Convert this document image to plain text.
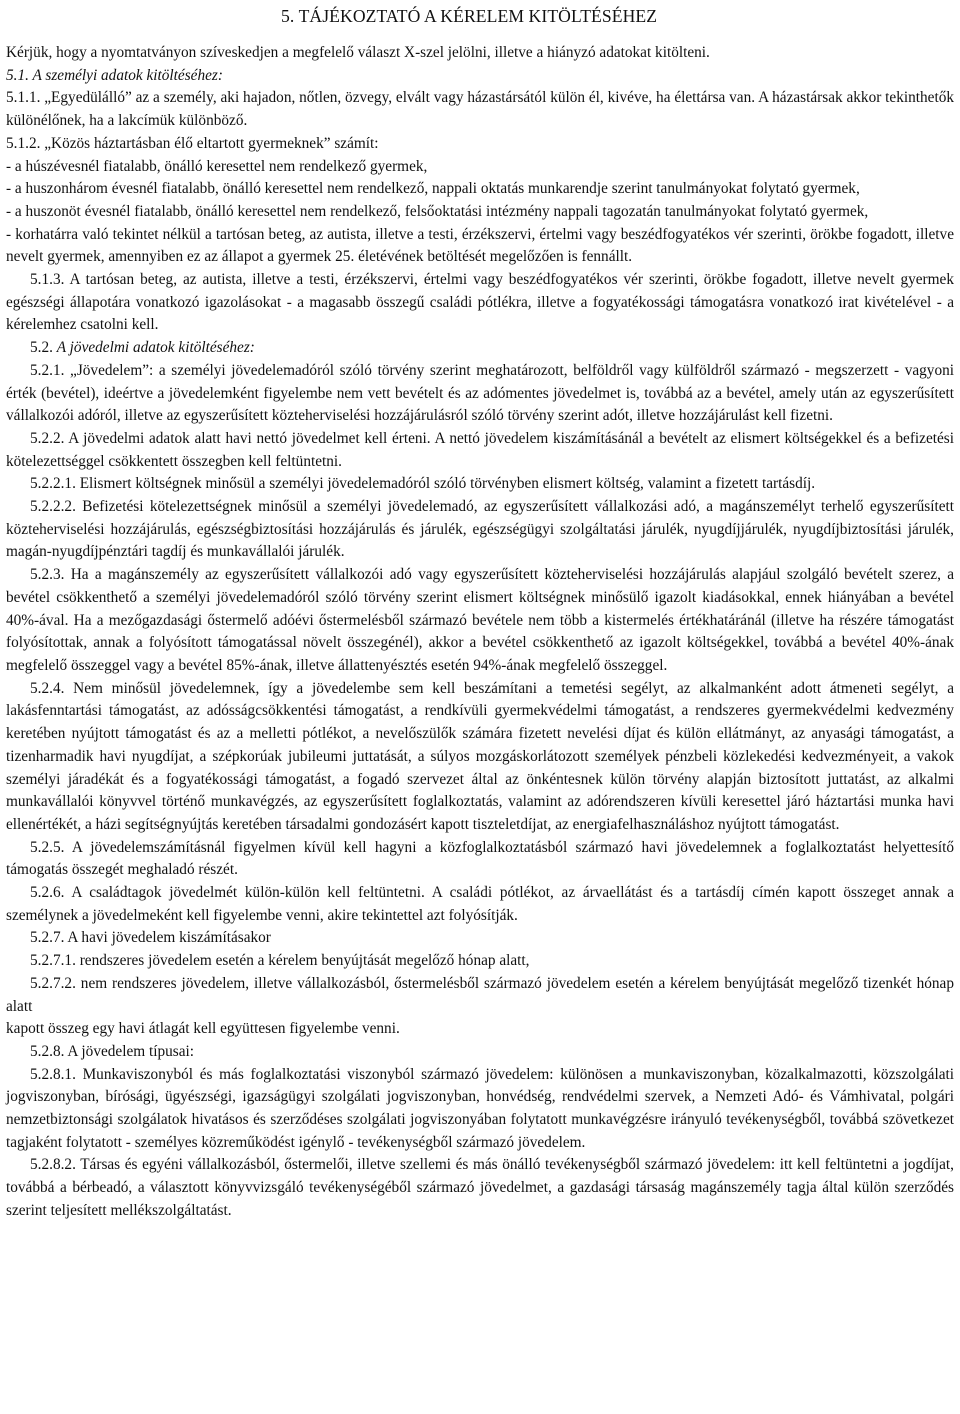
5. TÁJÉKOZTATÓ A KÉRELEM KITÖLTÉSÉHEZ

Kérjük, hogy a nyomtatványon szíveskedjen a megfelelő választ X-szel jelölni, illetve a hiányzó adatokat kitölteni.

5.1. A személyi adatok kitöltéséhez:

5.1.1. „Egyedülálló” az a személy, aki hajadon, nőtlen, özvegy, elvált vagy házastársától külön él, kivéve, ha élettársa van. A házastársak akkor tekinthetők különélőnek, ha a lakcímük különböző.

5.1.2. „Közös háztartásban élő eltartott gyermeknek” számít:

- a húszévesnél fiatalabb, önálló keresettel nem rendelkező gyermek,

- a huszonhárom évesnél fiatalabb, önálló keresettel nem rendelkező, nappali oktatás munkarendje szerint tanulmányokat folytató gyermek,

- a huszonöt évesnél fiatalabb, önálló keresettel nem rendelkező, felsőoktatási intézmény nappali tagozatán tanulmányokat folytató gyermek,

- korhatárra való tekintet nélkül a tartósan beteg, az autista, illetve a testi, érzékszervi, értelmi vagy beszédfogyatékos vér szerinti, örökbe fogadott, illetve nevelt gyermek, amennyiben ez az állapot a gyermek 25. életévének betöltését megelőzően is fennállt.

5.1.3. A tartósan beteg, az autista, illetve a testi, érzékszervi, értelmi vagy beszédfogyatékos vér szerinti, örökbe fogadott, illetve nevelt gyermek egészségi állapotára vonatkozó igazolásokat - a magasabb összegű családi pótlékra, illetve a fogyatékossági támogatásra vonatkozó irat kivételével - a kérelemhez csatolni kell.

5.2. A jövedelmi adatok kitöltéséhez:

5.2.1. „Jövedelem”: a személyi jövedelemadóról szóló törvény szerint meghatározott, belföldről vagy külföldről származó - megszerzett - vagyoni érték (bevétel), ideértve a jövedelemként figyelembe nem vett bevételt és az adómentes jövedelmet is, továbbá az a bevétel, amely után az egyszerűsített vállalkozói adóról, illetve az egyszerűsített közteherviselési hozzájárulásról szóló törvény szerint adót, illetve hozzájárulást kell fizetni.

5.2.2. A jövedelmi adatok alatt havi nettó jövedelmet kell érteni. A nettó jövedelem kiszámításánál a bevételt az elismert költségekkel és a befizetési kötelezettséggel csökkentett összegben kell feltüntetni.

5.2.2.1. Elismert költségnek minősül a személyi jövedelemadóról szóló törvényben elismert költség, valamint a fizetett tartásdíj.

5.2.2.2. Befizetési kötelezettségnek minősül a személyi jövedelemadó, az egyszerűsített vállalkozási adó, a magánszemélyt terhelő egyszerűsített közteherviselési hozzájárulás, egészségbiztosítási hozzájárulás és járulék, egészségügyi szolgáltatási járulék, nyugdíjjárulék, nyugdíjbiztosítási járulék, magán-nyugdíjpénztári tagdíj és munkavállalói járulék.

5.2.3. Ha a magánszemély az egyszerűsített vállalkozói adó vagy egyszerűsített közteherviselési hozzájárulás alapjául szolgáló bevételt szerez, a bevétel csökkenthető a személyi jövedelemadóról szóló törvény szerint elismert költségnek minősülő igazolt kiadásokkal, ennek hiányában a bevétel 40%-ával. Ha a mezőgazdasági őstermelő adóévi őstermelésből származó bevétele nem több a kistermelés értékhatáránál (illetve ha részére támogatást folyósítottak, annak a folyósított támogatással növelt összegénél), akkor a bevétel csökkenthető az igazolt költségekkel, továbbá a bevétel 40%-ának megfelelő összeggel vagy a bevétel 85%-ának, illetve állattenyésztés esetén 94%-ának megfelelő összeggel.

5.2.4. Nem minősül jövedelemnek, így a jövedelembe sem kell beszámítani a temetési segélyt, az alkalmanként adott átmeneti segélyt, a lakásfenntartási támogatást, az adósságcsökkentési támogatást, a rendkívüli gyermekvédelmi támogatást, a rendszeres gyermekvédelmi kedvezmény keretében nyújtott támogatást és az a melletti pótlékot, a nevelőszülők számára fizetett nevelési díjat és külön ellátmányt, az anyasági támogatást, a tizenharmadik havi nyugdíjat, a szépkorúak jubileumi juttatását, a súlyos mozgáskorlátozott személyek pénzbeli közlekedési kedvezményeit, a vakok személyi járadékát és a fogyatékossági támogatást, a fogadó szervezet által az önkéntesnek külön törvény alapján biztosított juttatást, az alkalmi munkavállalói könyvvel történő munkavégzés, az egyszerűsített foglalkoztatás, valamint az adórendszeren kívüli keresettel járó háztartási munka havi ellenértékét, a házi segítségnyújtás keretében társadalmi gondozásért kapott tiszteletdíjat, az energiafelhasználáshoz nyújtott támogatást.

5.2.5. A jövedelemszámításnál figyelmen kívül kell hagyni a közfoglalkoztatásból származó havi jövedelemnek a foglalkoztatást helyettesítő támogatás összegét meghaladó részét.

5.2.6. A családtagok jövedelmét külön-külön kell feltüntetni. A családi pótlékot, az árvaellátást és a tartásdíj címén kapott összeget annak a személynek a jövedelmeként kell figyelembe venni, akire tekintettel azt folyósítják.

5.2.7. A havi jövedelem kiszámításakor

5.2.7.1. rendszeres jövedelem esetén a kérelem benyújtását megelőző hónap alatt,

5.2.7.2. nem rendszeres jövedelem, illetve vállalkozásból, őstermelésből származó jövedelem esetén a kérelem benyújtását megelőző tizenkét hónap alatt

kapott összeg egy havi átlagát kell együttesen figyelembe venni.

5.2.8. A jövedelem típusai:

5.2.8.1. Munkaviszonyból és más foglalkoztatási viszonyból származó jövedelem: különösen a munkaviszonyban, közalkalmazotti, közszolgálati jogviszonyban, bírósági, ügyészségi, igazságügyi szolgálati jogviszonyban, honvédség, rendvédelmi szervek, a Nemzeti Adó- és Vámhivatal, polgári nemzetbiztonsági szolgálatok hivatásos és szerződéses szolgálati jogviszonyában folytatott munkavégzésre irányuló tevékenységből, továbbá szövetkezet tagjaként folytatott - személyes közreműködést igénylő - tevékenységből származó jövedelem.

5.2.8.2. Társas és egyéni vállalkozásból, őstermelői, illetve szellemi és más önálló tevékenységből származó jövedelem: itt kell feltüntetni a jogdíjat, továbbá a bérbeadó, a választott könyvvizsgáló tevékenységéből származó jövedelmet, a gazdasági társaság magánszemély tagja által külön szerződés szerint teljesített mellékszolgáltatást.
